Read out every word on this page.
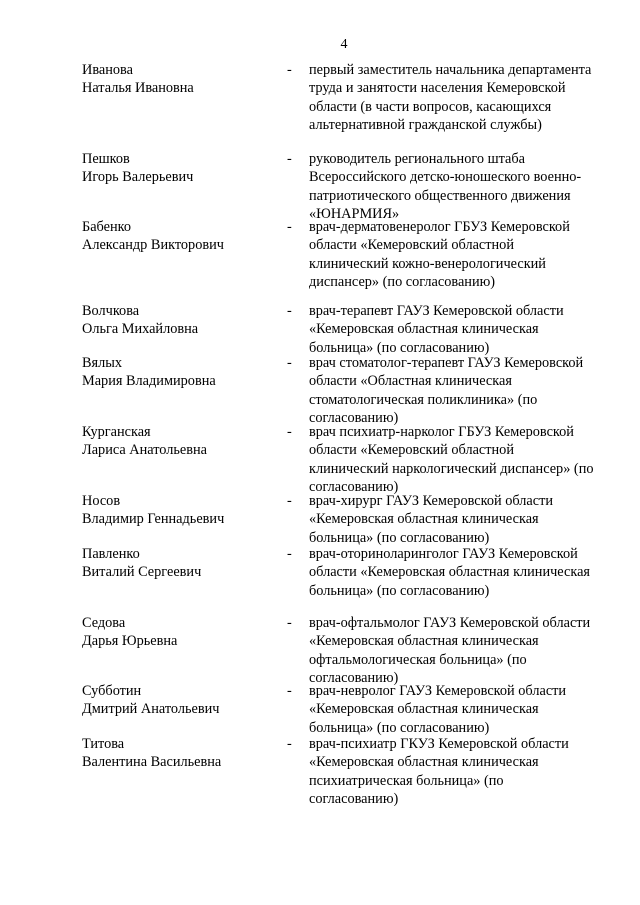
4
Иванова
Наталья Ивановна
- первый заместитель начальника департамента труда и занятости населения Кемеровской области (в части вопросов, касающихся альтернативной гражданской службы)
Пешков
Игорь Валерьевич
- руководитель регионального штаба Всероссийского детско-юношеского военно-патриотического общественного движения «ЮНАРМИЯ»
Бабенко
Александр Викторович
- врач-дерматовенеролог ГБУЗ Кемеровской области «Кемеровский областной клинический кожно-венерологический диспансер» (по согласованию)
Волчкова
Ольга Михайловна
- врач-терапевт ГАУЗ Кемеровской области «Кемеровская областная клиническая больница» (по согласованию)
Вялых
Мария Владимировна
- врач стоматолог-терапевт ГАУЗ Кемеровской области «Областная клиническая стоматологическая поликлиника» (по согласованию)
Курганская
Лариса Анатольевна
- врач психиатр-нарколог ГБУЗ Кемеровской области «Кемеровский областной клинический наркологический диспансер» (по согласованию)
Носов
Владимир Геннадьевич
- врач-хирург ГАУЗ Кемеровской области «Кемеровская областная клиническая больница» (по согласованию)
Павленко
Виталий Сергеевич
- врач-оториноларинголог ГАУЗ Кемеровской области «Кемеровская областная клиническая больница» (по согласованию)
Седова
Дарья Юрьевна
- врач-офтальмолог ГАУЗ Кемеровской области «Кемеровская областная клиническая офтальмологическая больница» (по согласованию)
Субботин
Дмитрий Анатольевич
- врач-невролог ГАУЗ Кемеровской области «Кемеровская областная клиническая больница» (по согласованию)
Титова
Валентина Васильевна
- врач-психиатр ГКУЗ Кемеровской области «Кемеровская областная клиническая психиатрическая больница» (по согласованию)
